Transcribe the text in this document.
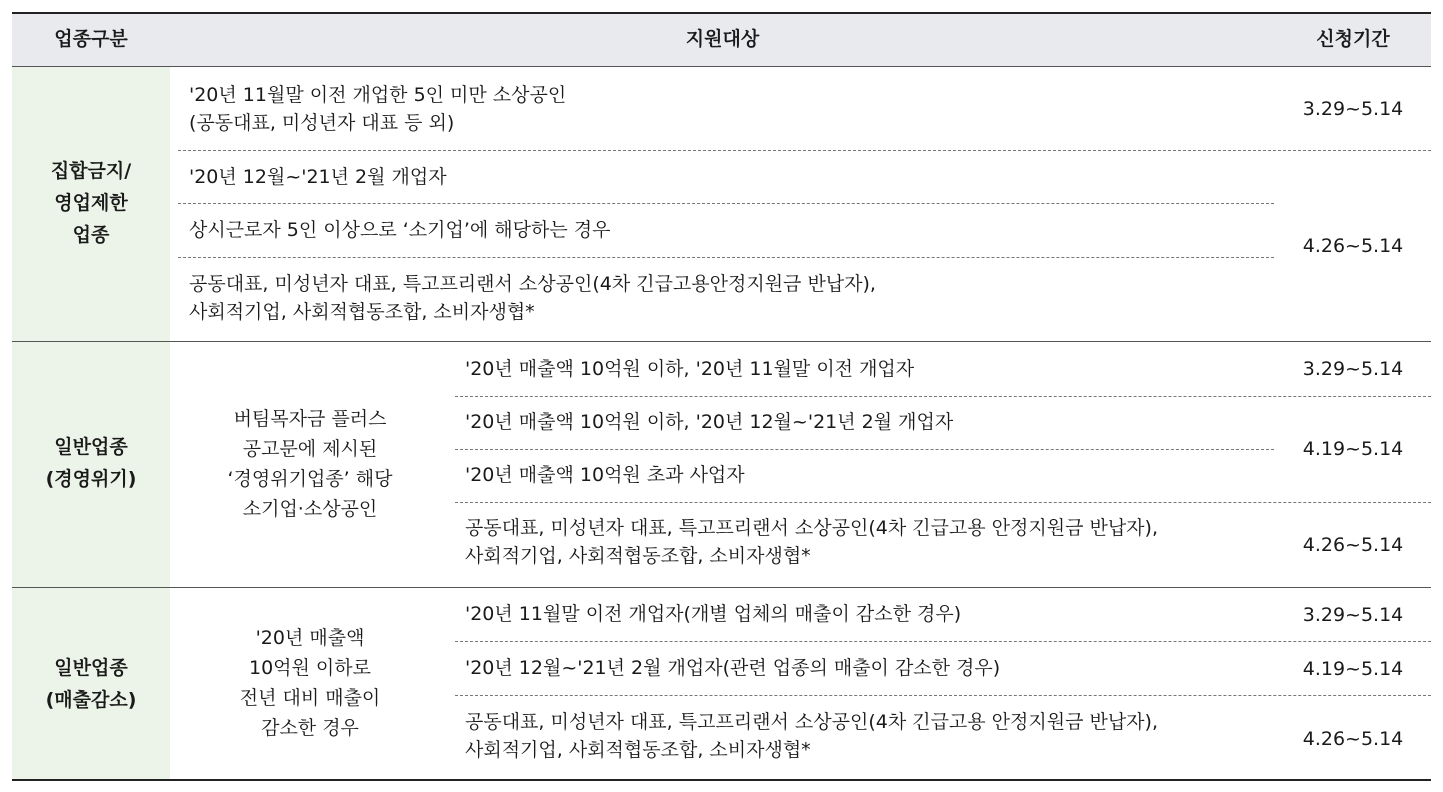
업종구분	지원대상	신청기간
집합금지/
영업제한
업종
'20년 11월말 이전 개업한 5인 미만 소상공인
(공동대표, 미성년자 대표 등 외)
'20년 12월~'21년 2월 개업자
상시근로자 5인 이상으로 ‘소기업’에 해당하는 경우
공동대표, 미성년자 대표, 특고프리랜서 소상공인(4차 긴급고용안정지원금 반납자),
사회적기업, 사회적협동조합, 소비자생협*
3.29~5.14
4.26~5.14
일반업종
(경영위기)
버팀목자금 플러스
공고문에 제시된
‘경영위기업종’ 해당
소기업·소상공인
'20년 매출액 10억원 이하, '20년 11월말 이전 개업자
'20년 매출액 10억원 이하, '20년 12월~'21년 2월 개업자
'20년 매출액 10억원 초과 사업자
공동대표, 미성년자 대표, 특고프리랜서 소상공인(4차 긴급고용 안정지원금 반납자),
사회적기업, 사회적협동조합, 소비자생협*
3.29~5.14
4.19~5.14
4.26~5.14
일반업종
(매출감소)
'20년 매출액
10억원 이하로
전년 대비 매출이
감소한 경우
'20년 11월말 이전 개업자(개별 업체의 매출이 감소한 경우)
'20년 12월~'21년 2월 개업자(관련 업종의 매출이 감소한 경우)
공동대표, 미성년자 대표, 특고프리랜서 소상공인(4차 긴급고용 안정지원금 반납자),
사회적기업, 사회적협동조합, 소비자생협*
3.29~5.14
4.19~5.14
4.26~5.14
